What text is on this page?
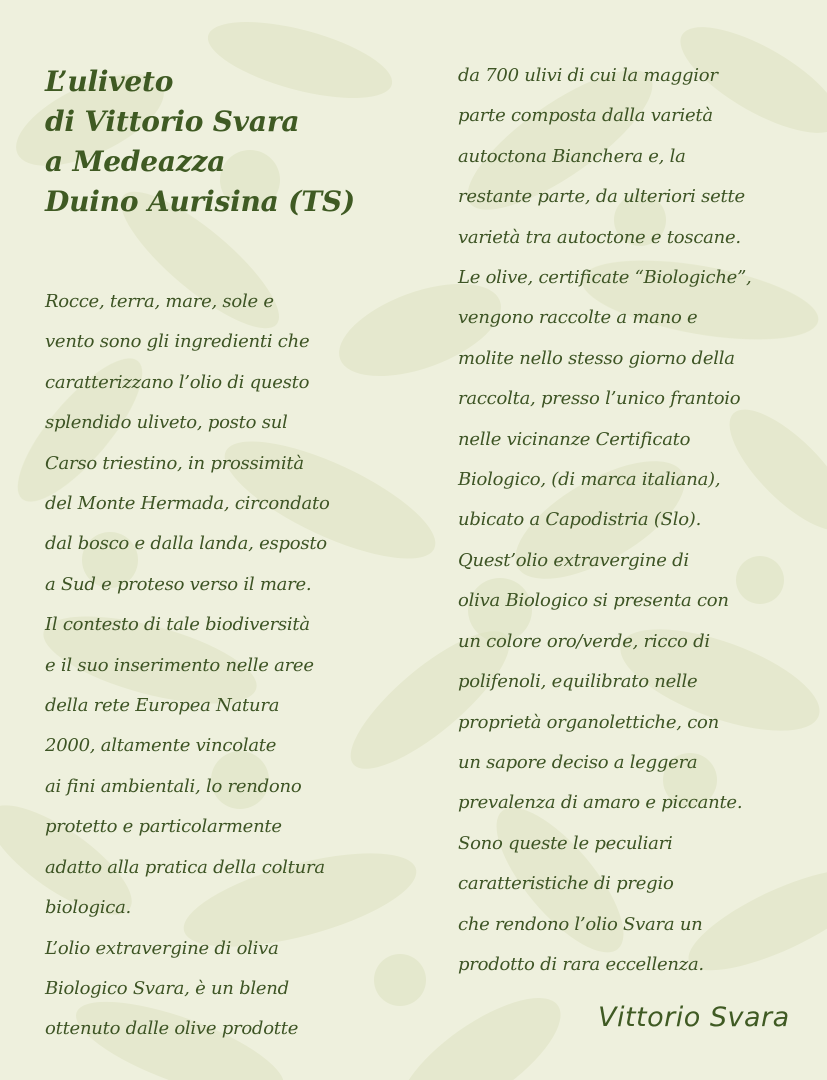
L’uliveto
di Vittorio Svara
a Medeazza
Duino Aurisina (TS)

Rocce, terra, mare, sole e

vento sono gli ingredienti che

caratterizzano l’olio di questo

splendido uliveto, posto sul

Carso triestino, in prossimità

del Monte Hermada, circondato

dal bosco e dalla landa, esposto

a Sud e proteso verso il mare.

Il contesto di tale biodiversità

e il suo inserimento nelle aree

della rete Europea Natura

2000, altamente vincolate

ai fini ambientali, lo rendono

protetto e particolarmente

adatto alla pratica della coltura

biologica.

L’olio extravergine di oliva

Biologico Svara, è un blend

ottenuto dalle olive prodotte

da 700 ulivi di cui la maggior

parte composta dalla varietà

autoctona Bianchera e, la

restante parte, da ulteriori sette

varietà tra autoctone e toscane.

Le olive, certificate “Biologiche”,

vengono raccolte a mano e

molite nello stesso giorno della

raccolta, presso l’unico frantoio

nelle vicinanze Certificato

Biologico, (di marca italiana),

ubicato a Capodistria (Slo).

Quest’olio extravergine di

oliva Biologico si presenta con

un colore oro/verde, ricco di

polifenoli, equilibrato nelle

proprietà organolettiche, con

un sapore deciso a leggera

prevalenza di amaro e piccante.

Sono queste le peculiari

caratteristiche di pregio

che rendono l’olio Svara un

prodotto di rara eccellenza.

Vittorio Svara
